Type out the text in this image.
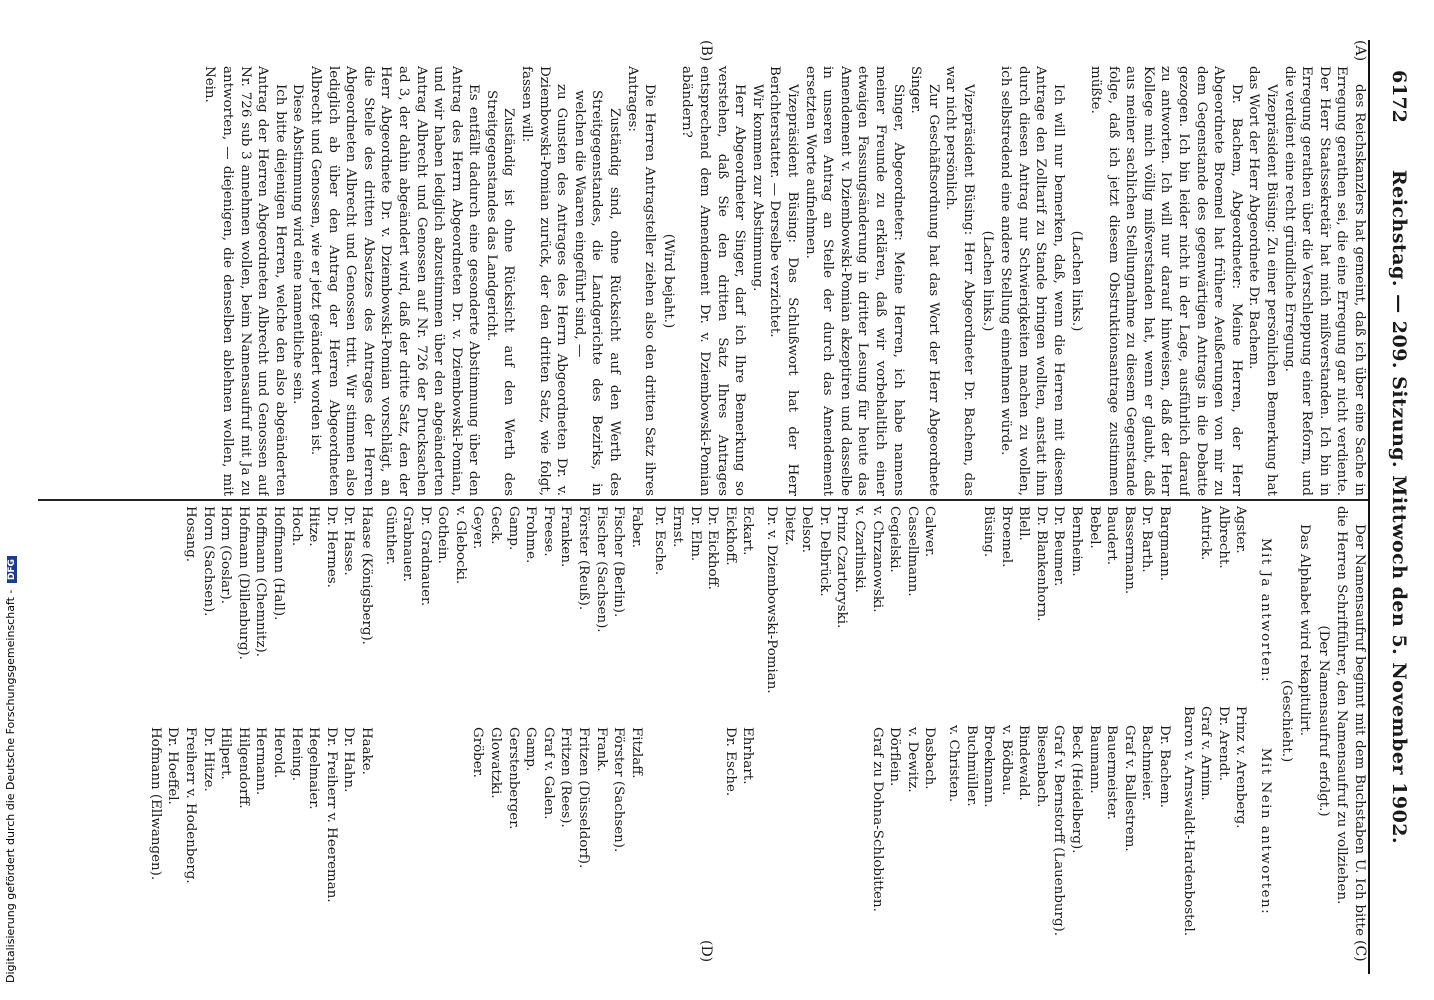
6172
Reichstag. — 209. Sitzung. Mittwoch den 5. November 1902.
(A)
(B)
(C)
(D)

des Reichskanzlers hat gemeint, daß ich über eine Sache in Erregung gerathen sei, die eine Erregung gar nicht verdiente. Der Herr Staatssekretär hat mich mißverstanden. Ich bin in Erregung gerathen über die Verschleppung einer Reform, und die verdient eine recht gründliche Erregung.

Vizepräsident Büsing: Zu einer persönlichen Bemerkung hat das Wort der Herr Abgeordnete Dr. Bachem.

Dr. Bachem, Abgeordneter: Meine Herren, der Herr Abgeordnete Broemel hat frühere Aeußerungen von mir zu dem Gegenstande des gegenwärtigen Antrags in die Debatte gezogen. Ich bin leider nicht in der Lage, ausführlich darauf zu antworten. Ich will nur darauf hinweisen, daß der Herr Kollege mich völlig mißverstanden hat, wenn er glaubt, daß aus meiner sachlichen Stellungnahme zu diesem Gegenstande folge, daß ich jetzt diesem Obstruktionsantrage zustimmen müßte.

(Lachen links.)

Ich will nur bemerken, daß, wenn die Herren mit diesem Antrage den Zolltarif zu Stande bringen wollten, anstatt ihm durch diesen Antrag nur Schwierigkeiten machen zu wollen, ich selbstredend eine andere Stellung einnehmen würde.

(Lachen links.)

Vizepräsident Büsing: Herr Abgeordneter Dr. Bachem, das war nicht persönlich.

Zur Geschäftsordnung hat das Wort der Herr Abgeordnete Singer.

Singer, Abgeordneter: Meine Herren, ich habe namens meiner Freunde zu erklären, daß wir vorbehaltlich einer etwaigen Fassungsänderung in dritter Lesung für heute das Amendement v. Dziembowski-Pomian akzeptiren und dasselbe in unseren Antrag an Stelle der durch das Amendement ersetzten Worte aufnehmen.

Vizepräsident Büsing: Das Schlußwort hat der Herr Berichterstatter. — Derselbe verzichtet.

Wir kommen zur Abstimmung.

Herr Abgeordneter Singer, darf ich Ihre Bemerkung so verstehen, daß Sie den dritten Satz Ihres Antrages entsprechend dem Amendement Dr. v. Dziembowski-Pomian abändern?

(Wird bejaht.)

Die Herren Antragsteller ziehen also den dritten Satz ihres Antrages:

Zuständig sind, ohne Rücksicht auf den Werth des Streitgegenstandes, die Landgerichte des Bezirks, in welchen die Waaren eingeführt sind, —

zu Gunsten des Antrages des Herrn Abgeordneten Dr. v. Dziembowski-Pomian zurück, der den dritten Satz, wie folgt, fassen will:

Zuständig ist ohne Rücksicht auf den Werth des Streitgegenstandes das Landgericht.

Es entfällt dadurch eine gesonderte Abstimmung über den Antrag des Herrn Abgeordneten Dr. v. Dziembowski-Pomian, und wir haben lediglich abzustimmen über den abgeänderten Antrag Albrecht und Genossen auf Nr. 726 der Drucksachen ad 3, der dahin abgeändert wird, daß der dritte Satz, den der Herr Abgeordnete Dr. v. Dziembowski-Pomian vorschlägt, an die Stelle des dritten Absatzes des Antrages der Herren Abgeordneten Albrecht und Genossen tritt. Wir stimmen also lediglich ab über den Antrag der Herren Abgeordneten Albrecht und Genossen, wie er jetzt geändert worden ist.

Diese Abstimmung wird eine namentliche sein.

Ich bitte diejenigen Herren, welche den also abgeänderten Antrag der Herren Abgeordneten Albrecht und Genossen auf Nr. 726 sub 3 annehmen wollen, beim Namensaufruf mit Ja zu antworten, — diejenigen, die denselben ablehnen wollen, mit Nein.

Der Namensaufruf beginnt mit dem Buchstaben U. Ich bitte die Herren Schriftführer, den Namensaufruf zu vollziehen.

(Der Namensaufruf erfolgt.)

Das Alphabet wird rekapitulirt.

(Geschieht.)

Mit Ja antworten:
Mit Nein antworten:
Agster.
Albrecht.
Antrick.
Prinz v. Arenberg.
Dr. Arendt.
Graf v. Arnim.
Baron v. Arnswaldt-Hardenbostel.
Bargmann.
Dr. Barth.
Bassermann.
Baudert.
Bebel.
Bernheim.
Dr. Beumer.
Dr. Blankenhorn.
Blell.
Broemel.
Büsing.
Dr. Bachem.
Bachmeier.
Graf v. Ballestrem.
Bauermeister.
Baumann.
Beck (Heidelberg).
Graf v. Bernstorff (Lauenburg).
Biesenbach.
Bindewald.
v. Bödbau.
Broekmann.
Buchmüller.
v. Christen.
Calwer.
Cassellmann.
Cegielski.
v. Chrzanowski.
v. Czarlinski.
Prinz Czartoryski.
Dr. Delbrück.
Delsor.
Dietz.
Dr. v. Dziembowski-Pomian.
Dasbach.
v. Dewitz.
Dörflein.
Graf zu Dohna-Schlobitten.
Eckart.
Eickhoff.
Dr. Eickhoff.
Dr. Elm.
Ernst.
Dr. Esche.
Ehrhart.
Dr. Esche.
Faber.
Fischer (Berlin).
Fischer (Sachsen).
Förster (Reuß).
Franken.
Freese.
Frohme.
Gamp.
Geck.
Geyer.
v. Glebocki.
Gothein.
Dr. Gradnauer.
Grabnauer.
Günther.
Fitzlaff.
Förster (Sachsen).
Frank.
Fritzen (Düsseldorf).
Fritzen (Rees).
Graf v. Galen.
Gamp.
Gerstenberger.
Glowatzki.
Gröber.
Haase (Königsberg).
Dr. Hasse.
Dr. Hermes.
Hitze.
Hoch.
Hoffmann (Hall).
Hoffmann (Chemnitz).
Hofmann (Dillenburg).
Horn (Goslar).
Horn (Sachsen).
Hosang.
Haake.
Dr. Hahn.
Dr. Freiherr v. Heereman.
Hegelmaier.
Hening.
Herold.
Hermann.
Hilgendorff.
Hilpert.
Dr. Hitze.
Freiherr v. Hodenberg.
Dr. Hoeffel.
Hofmann (Ellwangen).
Digitalisierung gefördert durch die Deutsche Forschungsgemeinschaft - DFG
